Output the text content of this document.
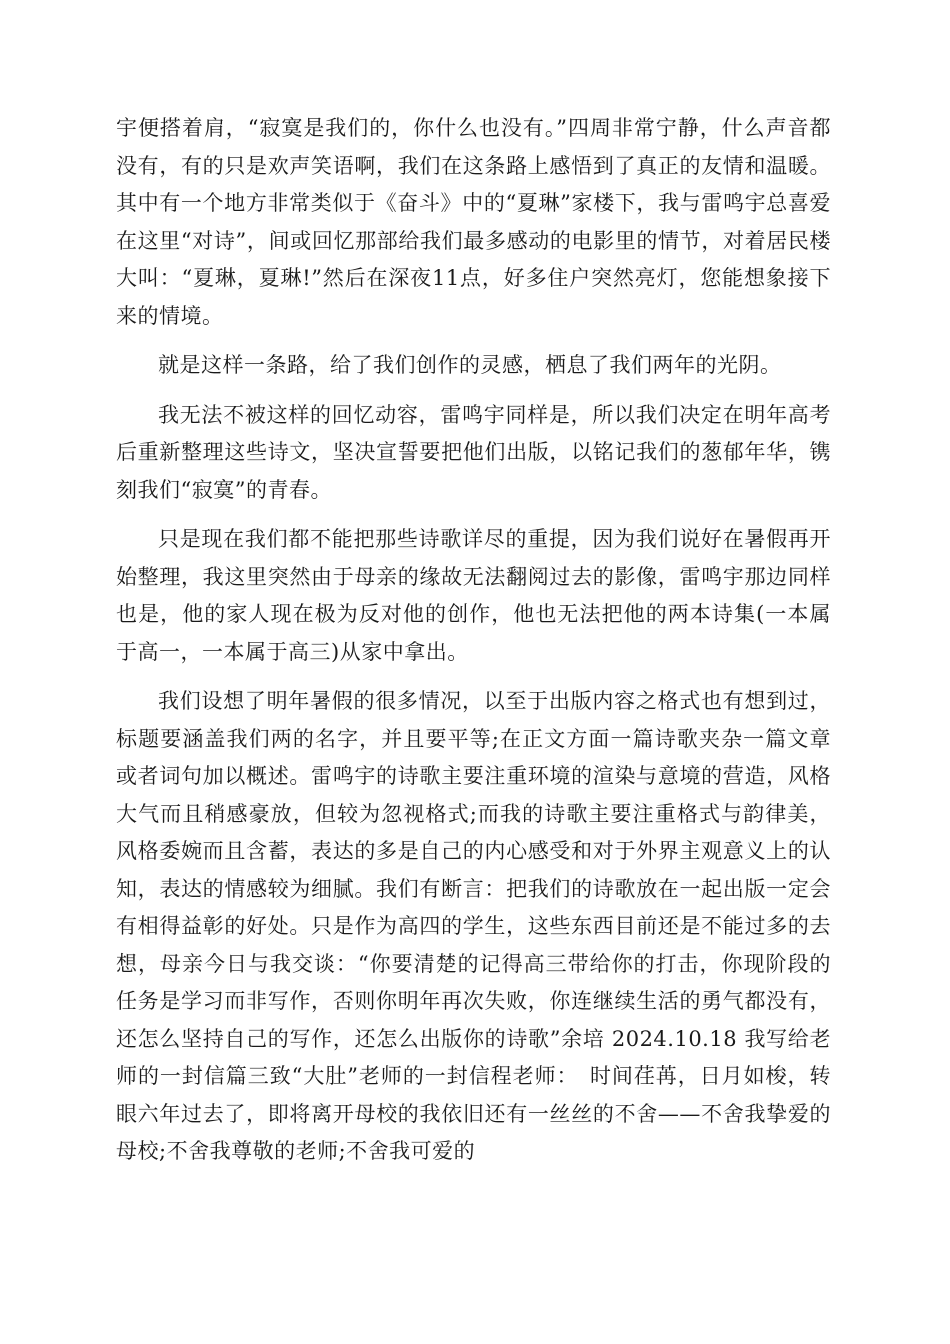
宇便搭着肩，“寂寞是我们的，你什么也没有。”四周非常宁静，什么声音都没有，有的只是欢声笑语啊，我们在这条路上感悟到了真正的友情和温暖。其中有一个地方非常类似于《奋斗》中的“夏琳”家楼下，我与雷鸣宇总喜爱在这里“对诗”，间或回忆那部给我们最多感动的电影里的情节，对着居民楼大叫：“夏琳，夏琳!”然后在深夜11点，好多住户突然亮灯，您能想象接下来的情境。

就是这样一条路，给了我们创作的灵感，栖息了我们两年的光阴。

我无法不被这样的回忆动容，雷鸣宇同样是，所以我们决定在明年高考后重新整理这些诗文，坚决宣誓要把他们出版，以铭记我们的葱郁年华，镌刻我们“寂寞”的青春。

只是现在我们都不能把那些诗歌详尽的重提，因为我们说好在暑假再开始整理，我这里突然由于母亲的缘故无法翻阅过去的影像，雷鸣宇那边同样也是，他的家人现在极为反对他的创作，他也无法把他的两本诗集(一本属于高一，一本属于高三)从家中拿出。

我们设想了明年暑假的很多情况，以至于出版内容之格式也有想到过，标题要涵盖我们两的名字，并且要平等;在正文方面一篇诗歌夹杂一篇文章或者词句加以概述。雷鸣宇的诗歌主要注重环境的渲染与意境的营造，风格大气而且稍感豪放，但较为忽视格式;而我的诗歌主要注重格式与韵律美，风格委婉而且含蓄，表达的多是自己的内心感受和对于外界主观意义上的认知，表达的情感较为细腻。我们有断言：把我们的诗歌放在一起出版一定会有相得益彰的好处。只是作为高四的学生，这些东西目前还是不能过多的去想，母亲今日与我交谈：“你要清楚的记得高三带给你的打击，你现阶段的任务是学习而非写作，否则你明年再次失败，你连继续生活的勇气都没有，还怎么坚持自己的写作，还怎么出版你的诗歌”余培 2024.10.18 我写给老师的一封信篇三致“大肚”老师的一封信程老师：　时间荏苒，日月如梭，转眼六年过去了，即将离开母校的我依旧还有一丝丝的不舍——不舍我挚爱的母校;不舍我尊敬的老师;不舍我可爱的
